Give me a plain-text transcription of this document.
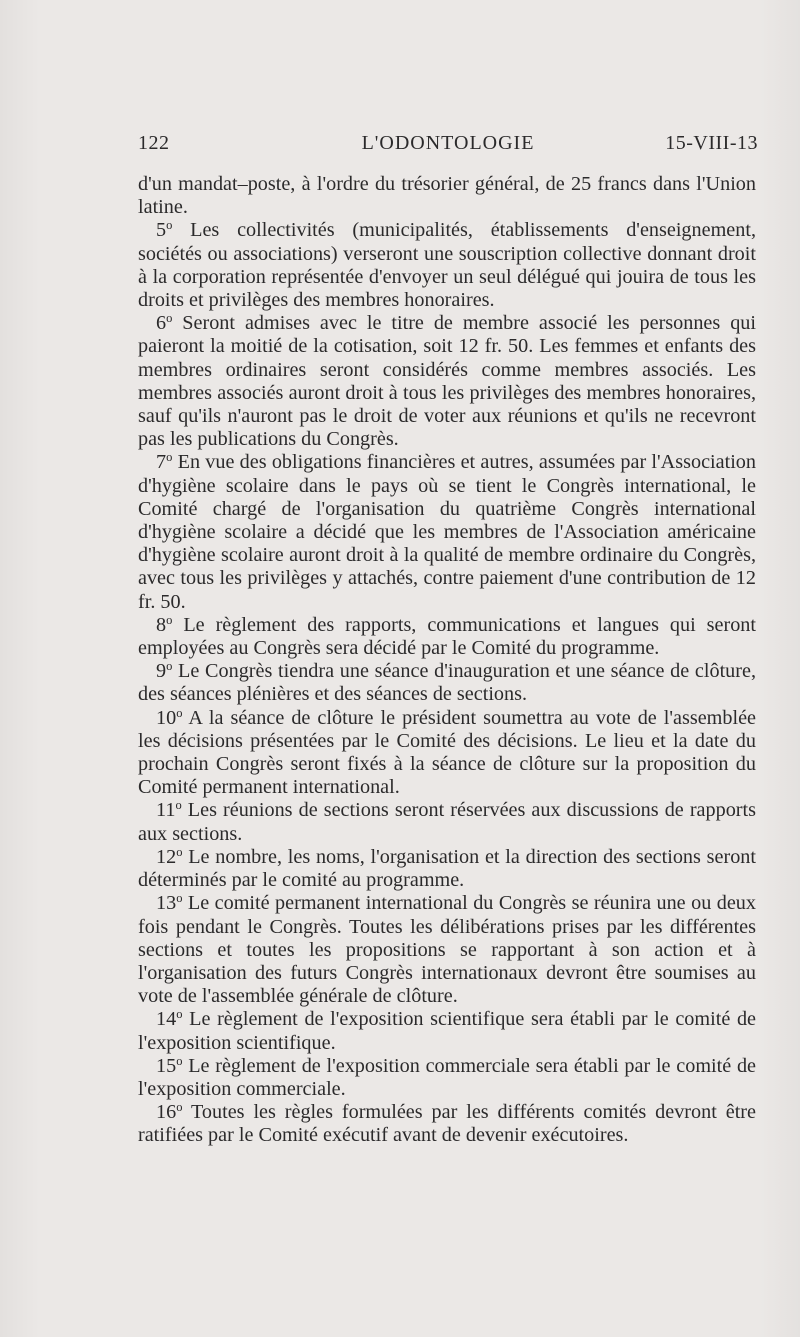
122	L'ODONTOLOGIE	15-VIII-13

d'un mandat–poste, à l'ordre du trésorier général, de 25 francs dans l'Union latine.

5$^o$ Les collectivités (municipalités, établissements d'enseignement, sociétés ou associations) verseront une souscription collective donnant droit à la corporation représentée d'envoyer un seul délégué qui jouira de tous les droits et privilèges des membres honoraires.

6$^o$ Seront admises avec le titre de membre associé les personnes qui paieront la moitié de la cotisation, soit 12 fr. 50. Les femmes et enfants des membres ordinaires seront considérés comme membres associés. Les membres associés auront droit à tous les privilèges des membres honoraires, sauf qu'ils n'auront pas le droit de voter aux réunions et qu'ils ne recevront pas les publications du Congrès.

7$^o$ En vue des obligations financières et autres, assumées par l'Association d'hygiène scolaire dans le pays où se tient le Congrès international, le Comité chargé de l'organisation du quatrième Congrès international d'hygiène scolaire a décidé que les membres de l'Association américaine d'hygiène scolaire auront droit à la qualité de membre ordinaire du Congrès, avec tous les privilèges y attachés, contre paiement d'une contribution de 12 fr. 50.

8$^o$ Le règlement des rapports, communications et langues qui seront employées au Congrès sera décidé par le Comité du programme.

9$^o$ Le Congrès tiendra une séance d'inauguration et une séance de clôture, des séances plénières et des séances de sections.

10$^o$ A la séance de clôture le président soumettra au vote de l'assemblée les décisions présentées par le Comité des décisions. Le lieu et la date du prochain Congrès seront fixés à la séance de clôture sur la proposition du Comité permanent international.

11$^o$ Les réunions de sections seront réservées aux discussions de rapports aux sections.

12$^o$ Le nombre, les noms, l'organisation et la direction des sections seront déterminés par le comité au programme.

13$^o$ Le comité permanent international du Congrès se réunira une ou deux fois pendant le Congrès. Toutes les délibérations prises par les différentes sections et toutes les propositions se rapportant à son action et à l'organisation des futurs Congrès internationaux devront être soumises au vote de l'assemblée générale de clôture.

14$^o$ Le règlement de l'exposition scientifique sera établi par le comité de l'exposition scientifique.

15$^o$ Le règlement de l'exposition commerciale sera établi par le comité de l'exposition commerciale.

16$^o$ Toutes les règles formulées par les différents comités devront être ratifiées par le Comité exécutif avant de devenir exécutoires.
